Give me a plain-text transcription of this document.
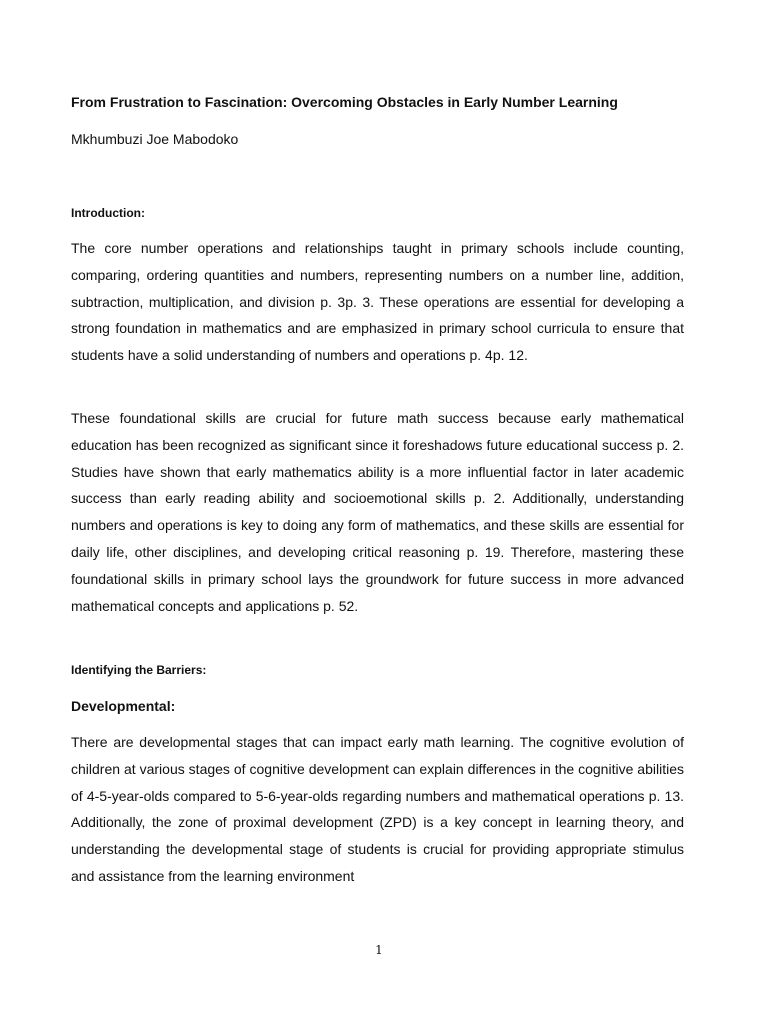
From Frustration to Fascination: Overcoming Obstacles in Early Number Learning
Mkhumbuzi Joe Mabodoko
Introduction:

The core number operations and relationships taught in primary schools include counting, comparing, ordering quantities and numbers, representing numbers on a number line, addition, subtraction, multiplication, and division p. 3p. 3. These operations are essential for developing a strong foundation in mathematics and are emphasized in primary school curricula to ensure that students have a solid understanding of numbers and operations p. 4p. 12.

These foundational skills are crucial for future math success because early mathematical education has been recognized as significant since it foreshadows future educational success p. 2. Studies have shown that early mathematics ability is a more influential factor in later academic success than early reading ability and socioemotional skills p. 2. Additionally, understanding numbers and operations is key to doing any form of mathematics, and these skills are essential for daily life, other disciplines, and developing critical reasoning p. 19. Therefore, mastering these foundational skills in primary school lays the groundwork for future success in more advanced mathematical concepts and applications p. 52.

Identifying the Barriers:
Developmental:

There are developmental stages that can impact early math learning. The cognitive evolution of children at various stages of cognitive development can explain differences in the cognitive abilities of 4-5-year-olds compared to 5-6-year-olds regarding numbers and mathematical operations p. 13. Additionally, the zone of proximal development (ZPD) is a key concept in learning theory, and understanding the developmental stage of students is crucial for providing appropriate stimulus and assistance from the learning environment

1
